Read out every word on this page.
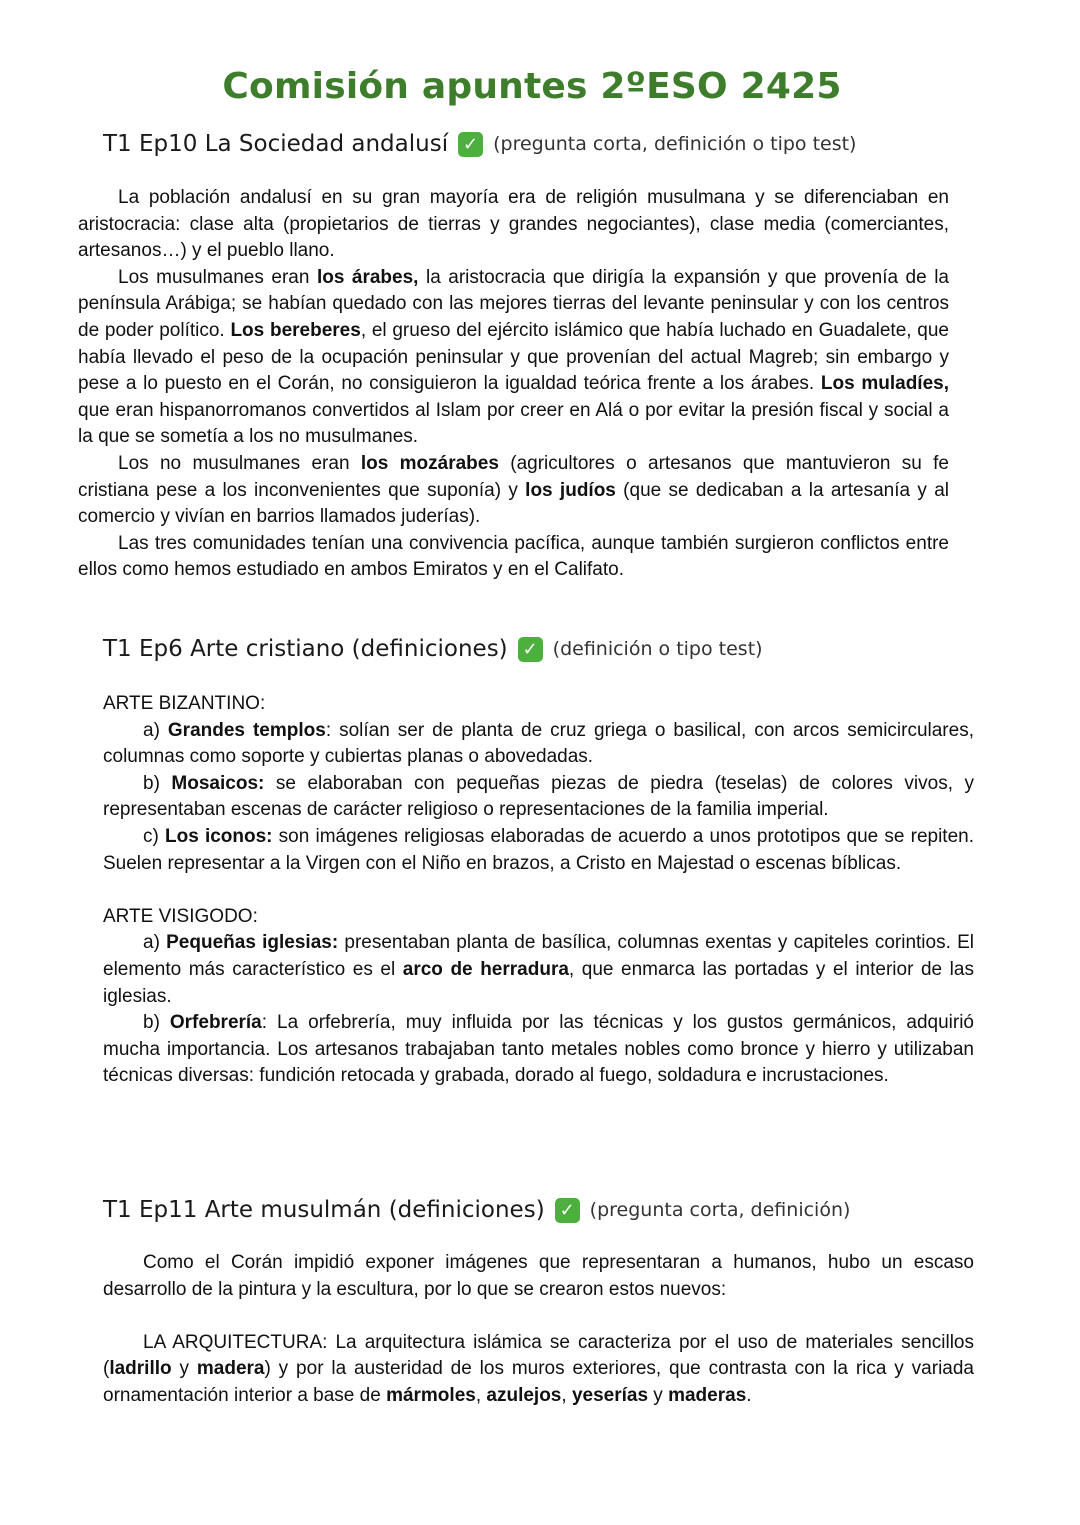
Comisión apuntes 2ºESO 2425
T1 Ep10 La Sociedad andalusí ✓ (pregunta corta, definición o tipo test)

La población andalusí en su gran mayoría era de religión musulmana y se diferenciaban en aristocracia: clase alta (propietarios de tierras y grandes negociantes), clase media (comerciantes, artesanos…) y el pueblo llano.

Los musulmanes eran los árabes, la aristocracia que dirigía la expansión y que provenía de la península Arábiga; se habían quedado con las mejores tierras del levante peninsular y con los centros de poder político. Los bereberes, el grueso del ejército islámico que había luchado en Guadalete, que había llevado el peso de la ocupación peninsular y que provenían del actual Magreb; sin embargo y pese a lo puesto en el Corán, no consiguieron la igualdad teórica frente a los árabes. Los muladíes, que eran hispanorromanos convertidos al Islam por creer en Alá o por evitar la presión fiscal y social a la que se sometía a los no musulmanes.

Los no musulmanes eran los mozárabes (agricultores o artesanos que mantuvieron su fe cristiana pese a los inconvenientes que suponía) y los judíos (que se dedicaban a la artesanía y al comercio y vivían en barrios llamados juderías).

Las tres comunidades tenían una convivencia pacífica, aunque también surgieron conflictos entre ellos como hemos estudiado en ambos Emiratos y en el Califato.

T1 Ep6 Arte cristiano (definiciones) ✓ (definición o tipo test)

ARTE BIZANTINO:

a) Grandes templos: solían ser de planta de cruz griega o basilical, con arcos semicirculares, columnas como soporte y cubiertas planas o abovedadas.

b) Mosaicos: se elaboraban con pequeñas piezas de piedra (teselas) de colores vivos, y representaban escenas de carácter religioso o representaciones de la familia imperial.

c) Los iconos: son imágenes religiosas elaboradas de acuerdo a unos prototipos que se repiten. Suelen representar a la Virgen con el Niño en brazos, a Cristo en Majestad o escenas bíblicas.

ARTE VISIGODO:

a) Pequeñas iglesias: presentaban planta de basílica, columnas exentas y capiteles corintios. El elemento más característico es el arco de herradura, que enmarca las portadas y el interior de las iglesias.

b) Orfebrería: La orfebrería, muy influida por las técnicas y los gustos germánicos, adquirió mucha importancia. Los artesanos trabajaban tanto metales nobles como bronce y hierro y utilizaban técnicas diversas: fundición retocada y grabada, dorado al fuego, soldadura e incrustaciones.

T1 Ep11 Arte musulmán (definiciones) ✓ (pregunta corta, definición)

Como el Corán impidió exponer imágenes que representaran a humanos, hubo un escaso desarrollo de la pintura y la escultura, por lo que se crearon estos nuevos:

LA ARQUITECTURA: La arquitectura islámica se caracteriza por el uso de materiales sencillos (ladrillo y madera) y por la austeridad de los muros exteriores, que contrasta con la rica y variada ornamentación interior a base de mármoles, azulejos, yeserías y maderas.
